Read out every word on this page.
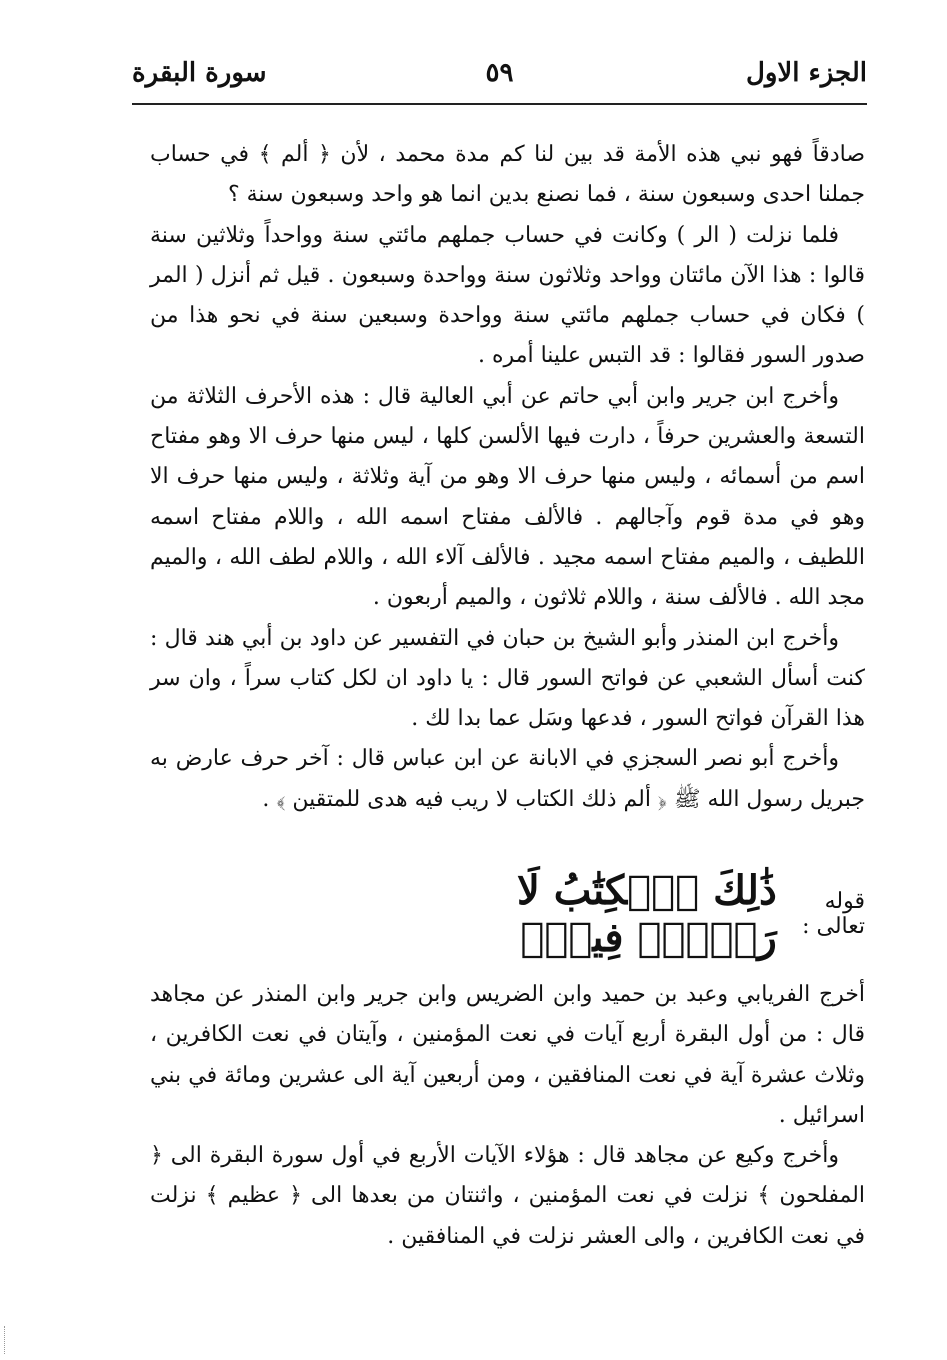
الجزء الاول
٥٩
سورة البقرة

صادقاً فهو نبي هذه الأمة قد بين لنا كم مدة محمد ، لأن ﴿ ألم ﴾ في حساب جملنا احدى وسبعون سنة ، فما نصنع بدين انما هو واحد وسبعون سنة ؟

فلما نزلت ( الر ) وكانت في حساب جملهم مائتي سنة وواحداً وثلاثين سنة قالوا : هذا الآن مائتان وواحد وثلاثون سنة وواحدة وسبعون . قيل ثم أنزل ( المر ) فكان في حساب جملهم مائتي سنة وواحدة وسبعين سنة في نحو هذا من صدور السور فقالوا : قد التبس علينا أمره .

وأخرج ابن جرير وابن أبي حاتم عن أبي العالية قال : هذه الأحرف الثلاثة من التسعة والعشرين حرفاً ، دارت فيها الألسن كلها ، ليس منها حرف الا وهو مفتاح اسم من أسمائه ، وليس منها حرف الا وهو من آية وثلاثة ، وليس منها حرف الا وهو في مدة قوم وآجالهم . فالألف مفتاح اسمه الله ، واللام مفتاح اسمه اللطيف ، والميم مفتاح اسمه مجيد . فالألف آلاء الله ، واللام لطف الله ، والميم مجد الله . فالألف سنة ، واللام ثلاثون ، والميم أربعون .

وأخرج ابن المنذر وأبو الشيخ بن حبان في التفسير عن داود بن أبي هند قال : كنت أسأل الشعبي عن فواتح السور قال : يا داود ان لكل كتاب سراً ، وان سر هذا القرآن فواتح السور ، فدعها وسَل عما بدا لك .

وأخرج أبو نصر السجزي في الابانة عن ابن عباس قال : آخر حرف عارض به جبريل رسول الله ﷺ ﴿ ألم ذلك الكتاب لا ريب فيه هدى للمتقين ﴾ .

قوله تعالى :
ذَٰلِكَ ٱلۡكِتَٰبُ لَا رَيۡبَۛ فِيهِۛ

أخرج الفريابي وعبد بن حميد وابن الضريس وابن جرير وابن المنذر عن مجاهد قال : من أول البقرة أربع آيات في نعت المؤمنين ، وآيتان في نعت الكافرين ، وثلاث عشرة آية في نعت المنافقين ، ومن أربعين آية الى عشرين ومائة في بني اسرائيل .

وأخرج وكيع عن مجاهد قال : هؤلاء الآيات الأربع في أول سورة البقرة الى ﴿ المفلحون ﴾ نزلت في نعت المؤمنين ، واثنتان من بعدها الى ﴿ عظيم ﴾ نزلت في نعت الكافرين ، والى العشر نزلت في المنافقين .
